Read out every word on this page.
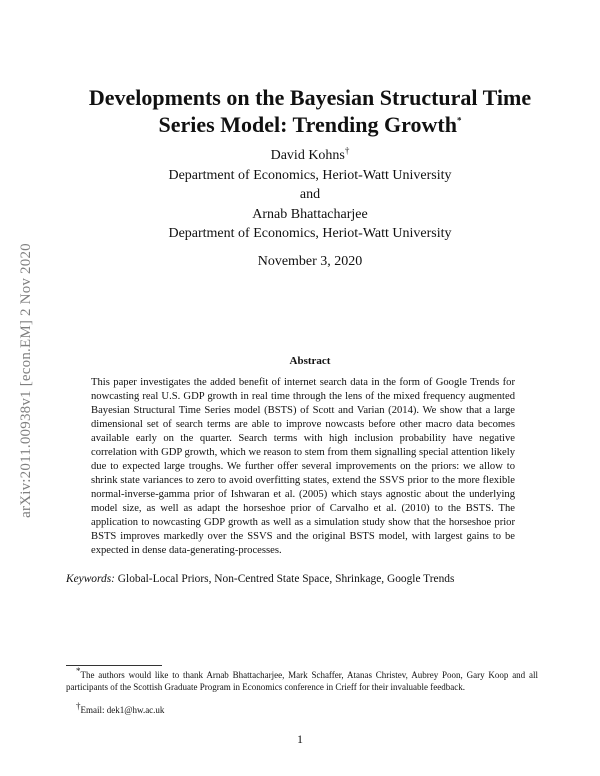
arXiv:2011.00938v1 [econ.EM] 2 Nov 2020
Developments on the Bayesian Structural Time
Series Model: Trending Growth*
David Kohns†
Department of Economics, Heriot-Watt University
and
Arnab Bhattacharjee
Department of Economics, Heriot-Watt University
November 3, 2020
Abstract

This paper investigates the added benefit of internet search data in the form of Google Trends for nowcasting real U.S. GDP growth in real time through the lens of the mixed frequency augmented Bayesian Structural Time Series model (BSTS) of Scott and Varian (2014). We show that a large dimensional set of search terms are able to improve nowcasts before other macro data becomes available early on the quarter. Search terms with high inclusion probability have negative correlation with GDP growth, which we reason to stem from them signalling special attention likely due to expected large troughs. We further offer several improvements on the priors: we allow to shrink state variances to zero to avoid overfitting states, extend the SSVS prior to the more flexible normal-inverse-gamma prior of Ishwaran et al. (2005) which stays agnostic about the underlying model size, as well as adapt the horseshoe prior of Carvalho et al. (2010) to the BSTS. The application to nowcasting GDP growth as well as a simulation study show that the horseshoe prior BSTS improves markedly over the SSVS and the original BSTS model, with largest gains to be expected in dense data-generating-processes.

Keywords: Global-Local Priors, Non-Centred State Space, Shrinkage, Google Trends

*The authors would like to thank Arnab Bhattacharjee, Mark Schaffer, Atanas Christev, Aubrey Poon, Gary Koop and all participants of the Scottish Graduate Program in Economics conference in Crieff for their invaluable feedback.

†Email: dek1@hw.ac.uk

1
